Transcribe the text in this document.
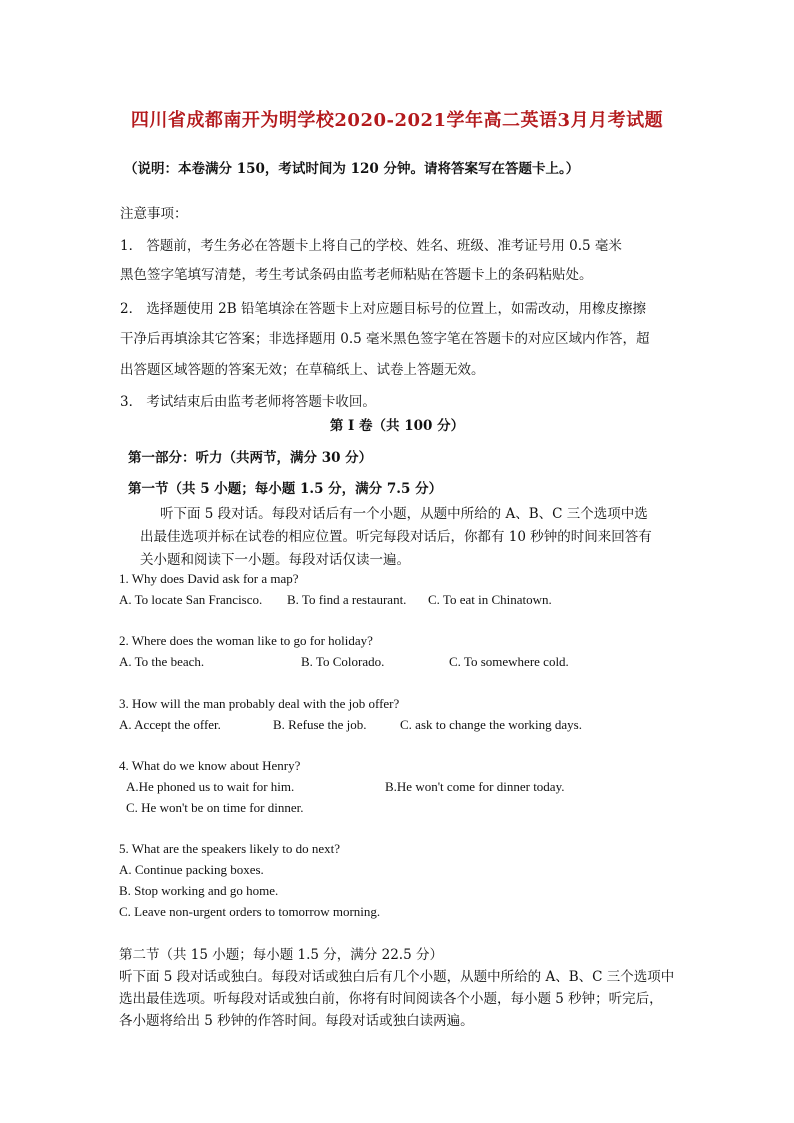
四川省成都南开为明学校2020-2021学年高二英语3月月考试题
（说明：本卷满分 150，考试时间为 120 分钟。请将答案写在答题卡上。）
注意事项：
1． 答题前，考生务必在答题卡上将自己的学校、姓名、班级、准考证号用 0.5 毫米
黑色签字笔填写清楚，考生考试条码由监考老师粘贴在答题卡上的条码粘贴处。
2． 选择题使用 2B 铅笔填涂在答题卡上对应题目标号的位置上，如需改动，用橡皮擦擦
干净后再填涂其它答案；非选择题用 0.5 毫米黑色签字笔在答题卡的对应区域内作答，超
出答题区域答题的答案无效；在草稿纸上、试卷上答题无效。
3． 考试结束后由监考老师将答题卡收回。
第 I 卷（共 100 分）
第一部分：听力（共两节，满分 30 分）
第一节（共 5 小题；每小题 1.5 分，满分 7.5 分）
听下面 5 段对话。每段对话后有一个小题，从题中所给的 A、B、C 三个选项中选
出最佳选项并标在试卷的相应位置。听完每段对话后，你都有 10 秒钟的时间来回答有
关小题和阅读下一小题。每段对话仅读一遍。
1. Why does David ask for a map?
A. To locate San Francisco. B. To find a restaurant. C. To eat in Chinatown.
2. Where does the woman like to go for holiday?
A. To the beach.	B. To Colorado.	C. To somewhere cold.
3. How will the man probably deal with the job offer?
A. Accept the offer.	B. Refuse the job.	C. ask to change the working days.
4. What do we know about Henry?
A.He phoned us to wait for him.	B.He won't come for dinner today.
C. He won't be on time for dinner.
5. What are the speakers likely to do next?
A. Continue packing boxes.
B. Stop working and go home.
C. Leave non-urgent orders to tomorrow morning.
第二节（共 15 小题；每小题 1.5 分，满分 22.5 分）
听下面 5 段对话或独白。每段对话或独白后有几个小题，从题中所给的 A、B、C 三个选项中
选出最佳选项。听每段对话或独白前，你将有时间阅读各个小题，每小题 5 秒钟；听完后，
各小题将给出 5 秒钟的作答时间。每段对话或独白读两遍。
